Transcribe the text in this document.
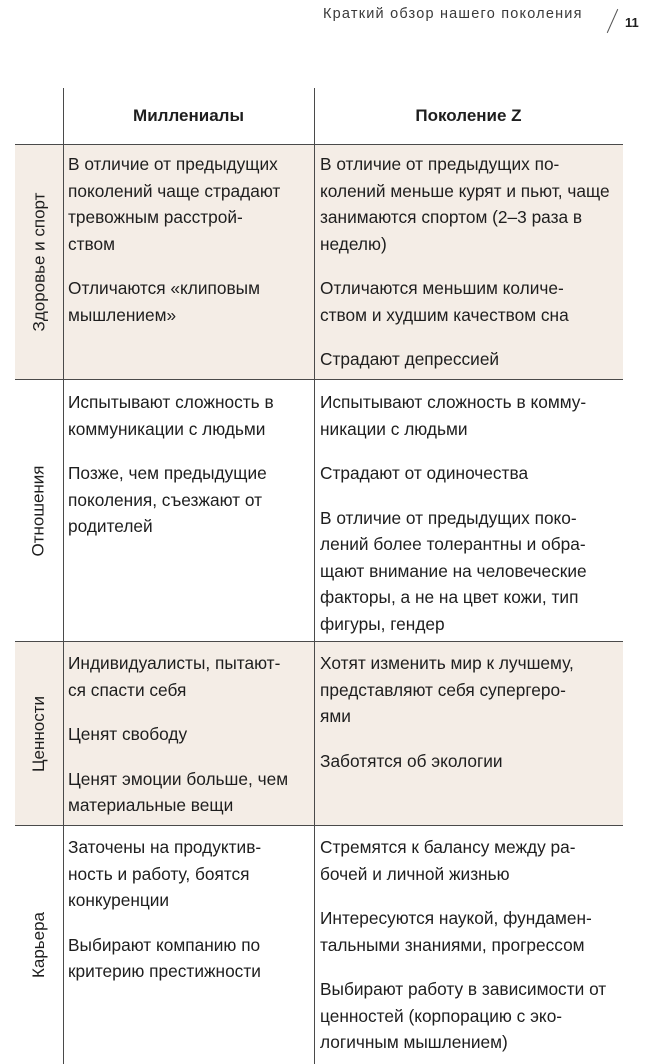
Краткий обзор нашего поколения
11
Миллениалы	Поколение Z
Здоровье и спорт

В отличие от предыдущих поколений чаще страдают тревожным расстрой-
ством

Отличаются «клиповым мышлением»

В отличие от предыдущих по-
колений меньше курят и пьют, чаще занимаются спортом (2–3 раза в неделю)

Отличаются меньшим количе-
ством и худшим качеством сна

Страдают депрессией

Отношения

Испытывают сложность в коммуникации с людьми

Позже, чем предыдущие поколения, съезжают от родителей

Испытывают сложность в комму-
никации с людьми

Страдают от одиночества

В отличие от предыдущих поко-
лений более толерантны и обра-
щают внимание на человеческие факторы, а не на цвет кожи, тип фигуры, гендер

Ценности

Индивидуалисты, пытают-
ся спасти себя

Ценят свободу

Ценят эмоции больше, чем материальные вещи

Хотят изменить мир к лучшему, представляют себя супергеро-
ями

Заботятся об экологии

Карьера

Заточены на продуктив-
ность и работу, боятся конкуренции

Выбирают компанию по критерию престижности

Стремятся к балансу между ра-
бочей и личной жизнью

Интересуются наукой, фундамен-
тальными знаниями, прогрессом

Выбирают работу в зависимости от ценностей (корпорацию с эко-
логичным мышлением)
